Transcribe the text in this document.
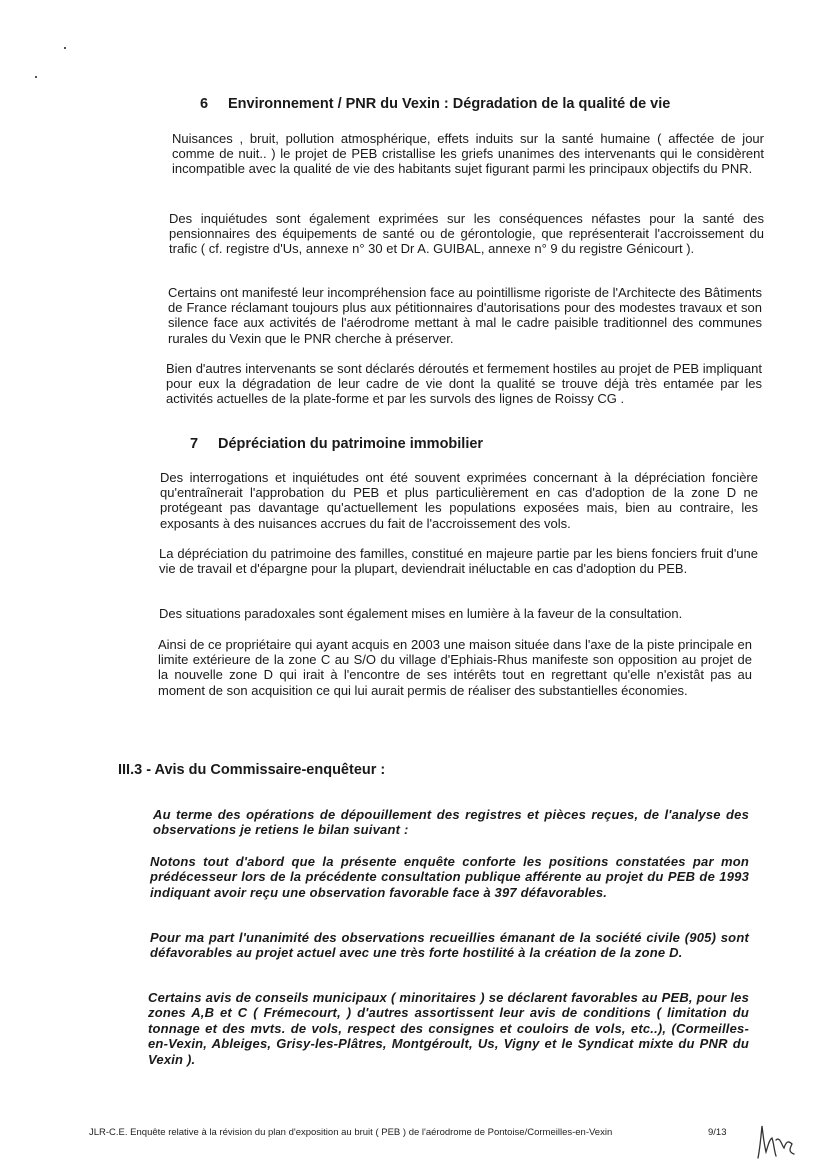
6 Environnement / PNR du Vexin : Dégradation de la qualité de vie
Nuisances , bruit, pollution atmosphérique, effets induits sur la santé humaine ( affectée de jour comme de nuit.. ) le projet de PEB cristallise les griefs unanimes des intervenants qui le considèrent incompatible avec la qualité de vie des habitants sujet figurant parmi les principaux objectifs du PNR.
Des inquiétudes sont également exprimées sur les conséquences néfastes pour la santé des pensionnaires des équipements de santé ou de gérontologie, que représenterait l'accroissement du trafic ( cf. registre d'Us, annexe n° 30 et Dr A. GUIBAL, annexe n° 9 du registre Génicourt ).
Certains ont manifesté leur incompréhension face au pointillisme rigoriste de l'Architecte des Bâtiments de France réclamant toujours plus aux pétitionnaires d'autorisations pour des modestes travaux et son silence face aux activités de l'aérodrome mettant à mal le cadre paisible traditionnel des communes rurales du Vexin que le PNR cherche à préserver.
Bien d'autres intervenants se sont déclarés déroutés et fermement hostiles au projet de PEB impliquant pour eux la dégradation de leur cadre de vie dont la qualité se trouve déjà très entamée par les activités actuelles de la plate-forme et par les survols des lignes de Roissy CG .
7 Dépréciation du patrimoine immobilier
Des interrogations et inquiétudes ont été souvent exprimées concernant à la dépréciation foncière qu'entraînerait l'approbation du PEB et plus particulièrement en cas d'adoption de la zone D ne protégeant pas davantage qu'actuellement les populations exposées mais, bien au contraire, les exposants à des nuisances accrues du fait de l'accroissement des vols.
La dépréciation du patrimoine des familles, constitué en majeure partie par les biens fonciers fruit d'une vie de travail et d'épargne pour la plupart, deviendrait inéluctable en cas d'adoption du PEB.
Des situations paradoxales sont également mises en lumière à la faveur de la consultation.
Ainsi de ce propriétaire qui ayant acquis en 2003 une maison située dans l'axe de la piste principale en limite extérieure de la zone C au S/O du village d'Ephiais-Rhus manifeste son opposition au projet de la nouvelle zone D qui irait à l'encontre de ses intérêts tout en regrettant qu'elle n'existât pas au moment de son acquisition ce qui lui aurait permis de réaliser des substantielles économies.
III.3 - Avis du Commissaire-enquêteur :
Au terme des opérations de dépouillement des registres et pièces reçues, de l'analyse des observations je retiens le bilan suivant :
Notons tout d'abord que la présente enquête conforte les positions constatées par mon prédécesseur lors de la précédente consultation publique afférente au projet du PEB de 1993 indiquant avoir reçu une observation favorable face à 397 défavorables.
Pour ma part l'unanimité des observations recueillies émanant de la société civile (905) sont défavorables au projet actuel avec une très forte hostilité à la création de la zone D.
Certains avis de conseils municipaux ( minoritaires ) se déclarent favorables au PEB, pour les zones A,B et C ( Frémecourt, ) d'autres assortissent leur avis de conditions ( limitation du tonnage et des mvts. de vols, respect des consignes et couloirs de vols, etc..), (Cormeilles-en-Vexin, Ableiges, Grisy-les-Plâtres, Montgéroult, Us, Vigny et le Syndicat mixte du PNR du Vexin ).
JLR-C.E. Enquête relative à la révision du plan d'exposition au bruit ( PEB ) de l'aérodrome de Pontoise/Cormeilles-en-Vexin	9/13
